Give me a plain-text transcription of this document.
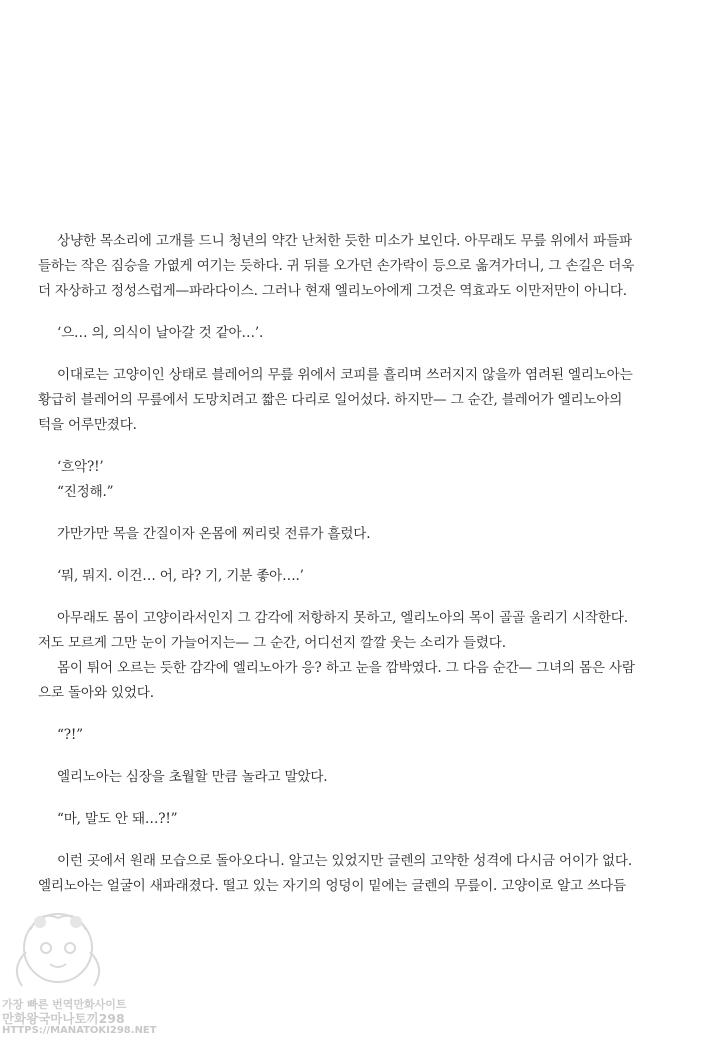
상냥한 목소리에 고개를 드니 청년의 약간 난처한 듯한 미소가 보인다. 아무래도 무릎 위에서 파들파
들하는 작은 짐승을 가엾게 여기는 듯하다. 귀 뒤를 오가던 손가락이 등으로 옮겨가더니, 그 손길은 더욱
더 자상하고 정성스럽게—파라다이스. 그러나 현재 엘리노아에게 그것은 역효과도 이만저만이 아니다.

‘으… 의, 의식이 날아갈 것 같아…’.

이대로는 고양이인 상태로 블레어의 무릎 위에서 코피를 흘리며 쓰러지지 않을까 염려된 엘리노아는
황급히 블레어의 무릎에서 도망치려고 짧은 다리로 일어섰다. 하지만— 그 순간, 블레어가 엘리노아의
턱을 어루만졌다.

‘흐악?!’
“진정해.”

가만가만 목을 간질이자 온몸에 찌리릿 전류가 흘렀다.

‘뭐, 뭐지. 이건… 어, 라? 기, 기분 좋아….’

아무래도 몸이 고양이라서인지 그 감각에 저항하지 못하고, 엘리노아의 목이 골골 울리기 시작한다.
저도 모르게 그만 눈이 가늘어지는— 그 순간, 어디선지 깔깔 웃는 소리가 들렸다.
몸이 튀어 오르는 듯한 감각에 엘리노아가 응? 하고 눈을 깜박였다. 그 다음 순간— 그녀의 몸은 사람
으로 돌아와 있었다.

“?!”

엘리노아는 심장을 초월할 만큼 놀라고 말았다.

“마, 말도 안 돼…?!”

이런 곳에서 원래 모습으로 돌아오다니. 알고는 있었지만 글렌의 고약한 성격에 다시금 어이가 없다.
엘리노아는 얼굴이 새파래졌다. 떨고 있는 자기의 엉덩이 밑에는 글렌의 무릎이. 고양이로 알고 쓰다듬

가장 빠른 번역만화사이트
만화왕국마나토끼298
HTTPS://MANATOKI298.NET
